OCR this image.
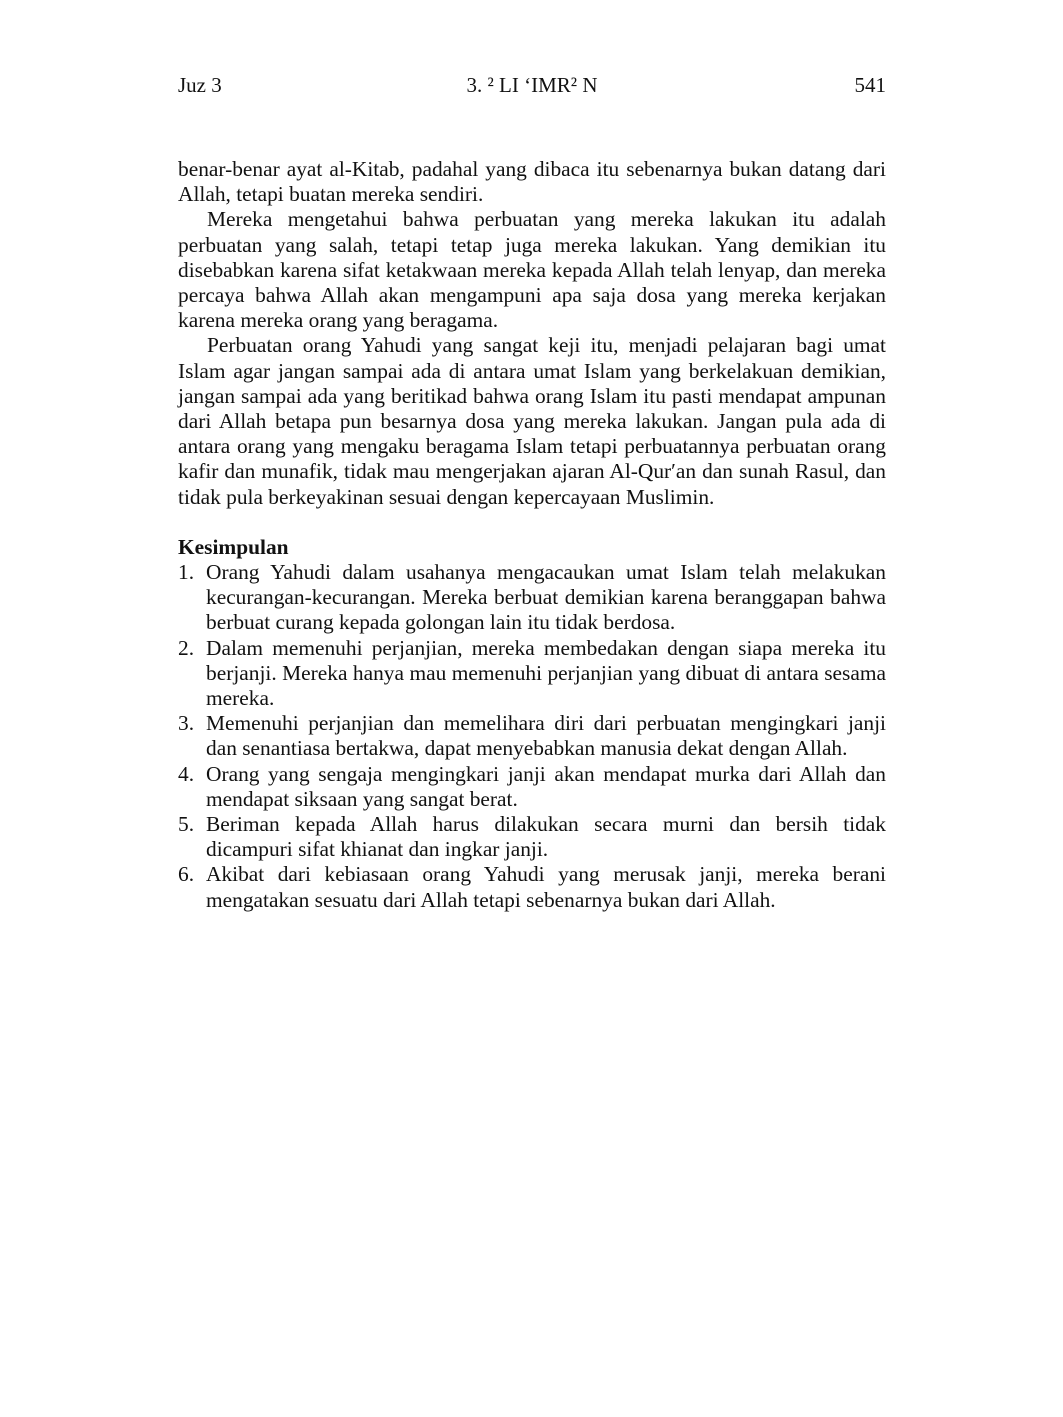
Juz 3	3. ² LI ‘IMR² N	541

benar-benar ayat al-Kitab, padahal yang dibaca itu sebenarnya bukan datang dari Allah, tetapi buatan mereka sendiri.

Mereka mengetahui bahwa perbuatan yang mereka lakukan itu adalah perbuatan yang salah, tetapi tetap juga mereka lakukan. Yang demikian itu disebabkan karena sifat ketakwaan mereka kepada Allah telah lenyap, dan mereka percaya bahwa Allah akan mengampuni apa saja dosa yang mereka kerjakan karena mereka orang yang beragama.

Perbuatan orang Yahudi yang sangat keji itu, menjadi pelajaran bagi umat Islam agar jangan sampai ada di antara umat Islam yang berkelakuan demikian, jangan sampai ada yang beritikad bahwa orang Islam itu pasti mendapat ampunan dari Allah betapa pun besarnya dosa yang mereka lakukan. Jangan pula ada di antara orang yang mengaku beragama Islam tetapi perbuatannya perbuatan orang kafir dan munafik, tidak mau mengerjakan ajaran Al-Qur′an dan sunah Rasul, dan tidak pula berkeyakinan sesuai dengan kepercayaan Muslimin.

Kesimpulan
1. Orang Yahudi dalam usahanya mengacaukan umat Islam telah melakukan kecurangan-kecurangan. Mereka berbuat demikian karena beranggapan bahwa berbuat curang kepada golongan lain itu tidak berdosa.
2. Dalam memenuhi perjanjian, mereka membedakan dengan siapa mereka itu berjanji. Mereka hanya mau memenuhi perjanjian yang dibuat di antara sesama mereka.
3. Memenuhi perjanjian dan memelihara diri dari perbuatan mengingkari janji dan senantiasa bertakwa, dapat menyebabkan manusia dekat dengan Allah.
4. Orang yang sengaja mengingkari janji akan mendapat murka dari Allah dan mendapat siksaan yang sangat berat.
5. Beriman kepada Allah harus dilakukan secara murni dan bersih tidak dicampuri sifat khianat dan ingkar janji.
6. Akibat dari kebiasaan orang Yahudi yang merusak janji, mereka berani mengatakan sesuatu dari Allah tetapi sebenarnya bukan dari Allah.
